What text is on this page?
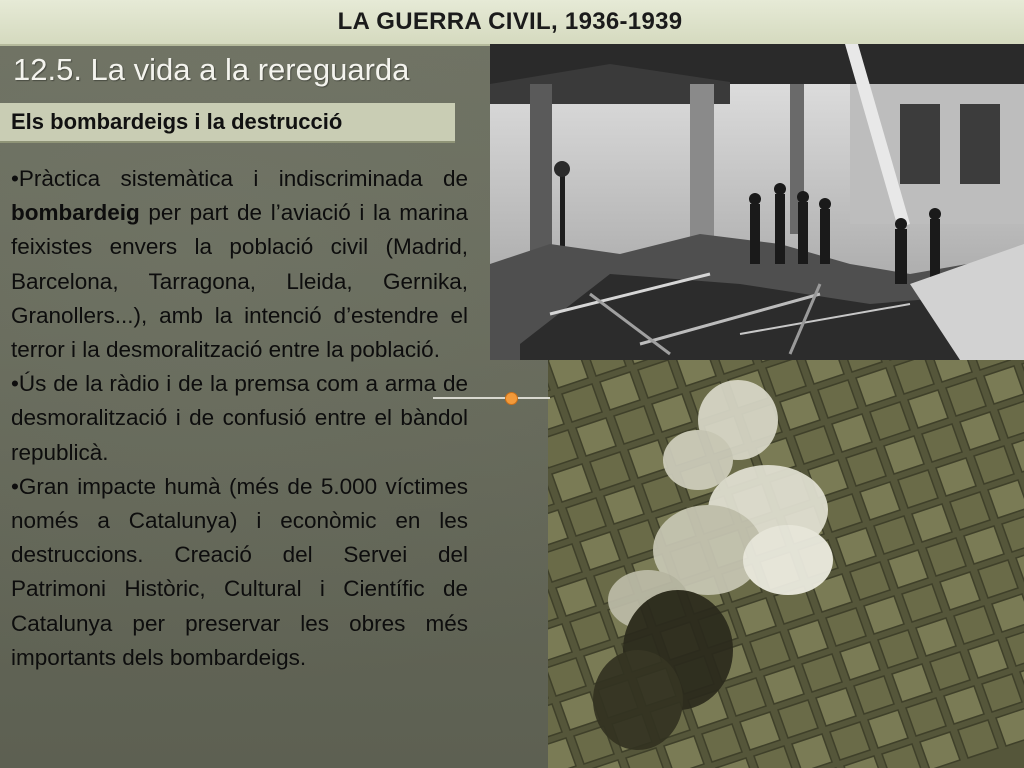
LA GUERRA CIVIL, 1936-1939
12.5. La vida a la rereguarda
Els bombardeigs i la destrucció

•Pràctica sistemàtica i indiscriminada de bombardeig per part de l’aviació i la marina feixistes envers la població civil (Madrid, Barcelona, Tarragona, Lleida, Gernika, Granollers...), amb la intenció d’estendre el terror i la desmoralització entre la població.

•Ús de la ràdio i de la premsa com a arma de desmoralització i de confusió entre el bàndol republicà.

•Gran impacte humà (més de 5.000 víctimes només a Catalunya) i econòmic en les destruccions. Creació del Servei del Patrimoni Històric, Cultural i Científic de Catalunya per preservar les obres més importants dels bombardeigs.
